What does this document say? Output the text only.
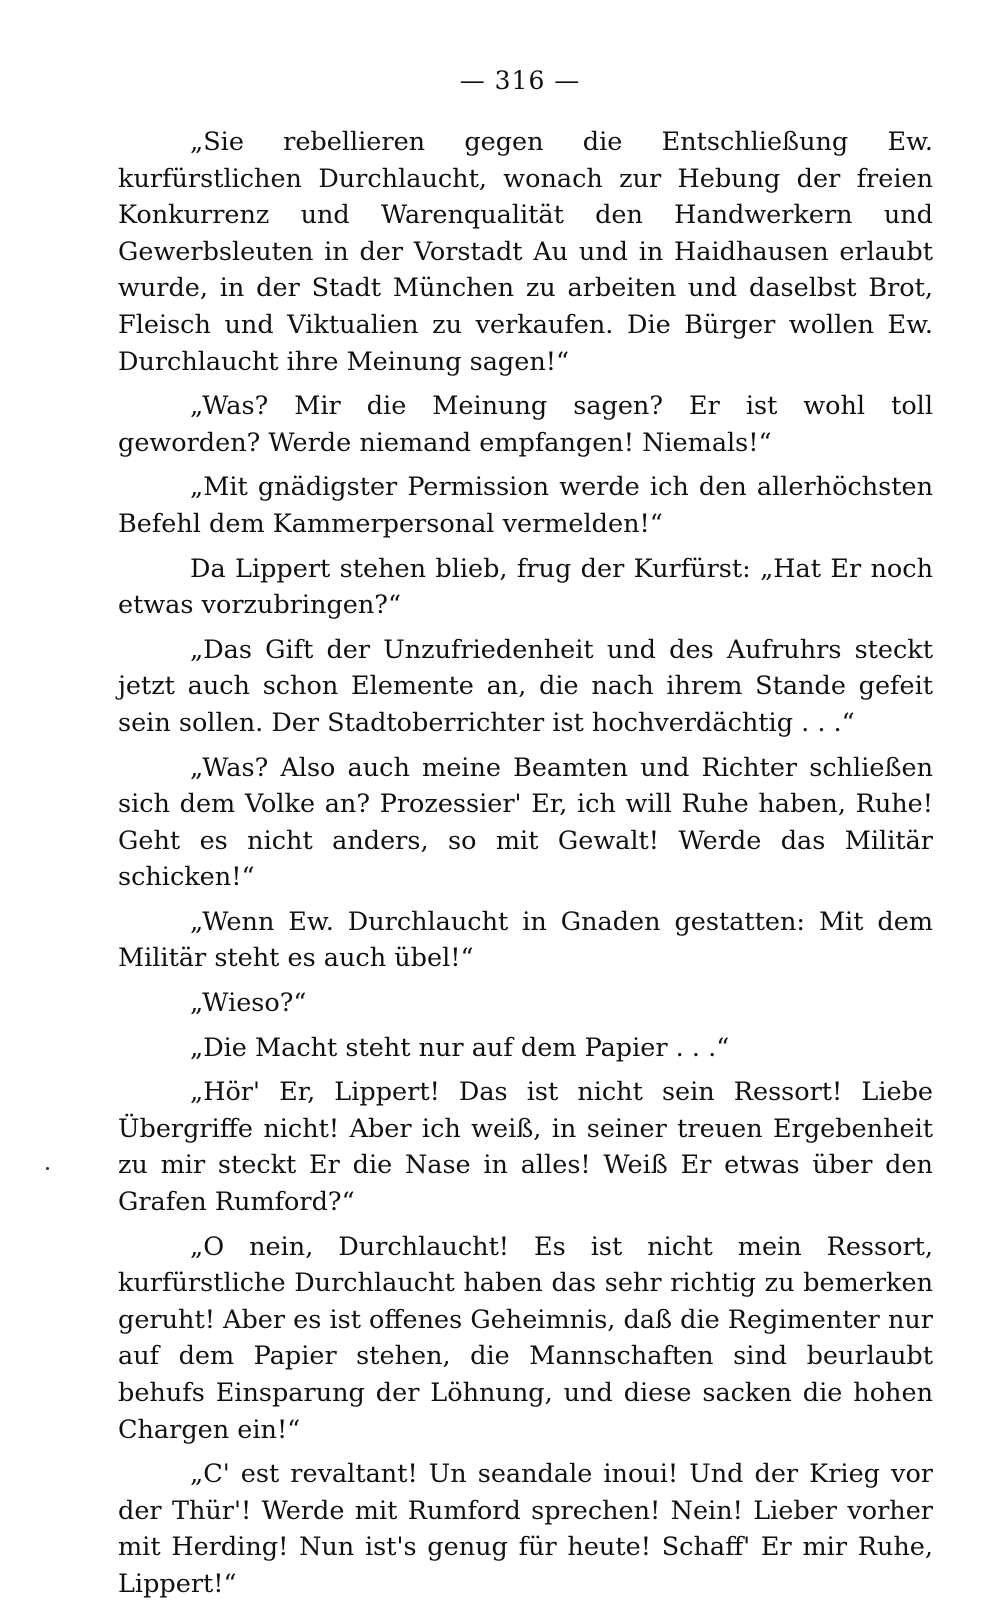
— 316 —

„Sie rebellieren gegen die Entschließung Ew. kurfürstlichen Durchlaucht, wonach zur Hebung der freien Konkurrenz und Warenqualität den Handwerkern und Gewerbsleuten in der Vorstadt Au und in Haidhausen erlaubt wurde, in der Stadt München zu arbeiten und daselbst Brot, Fleisch und Viktualien zu verkaufen. Die Bürger wollen Ew. Durchlaucht ihre Meinung sagen!“

„Was? Mir die Meinung sagen? Er ist wohl toll geworden? Werde niemand empfangen! Niemals!“

„Mit gnädigster Permission werde ich den allerhöchsten Befehl dem Kammerpersonal vermelden!“

Da Lippert stehen blieb, frug der Kurfürst: „Hat Er noch etwas vorzubringen?“

„Das Gift der Unzufriedenheit und des Aufruhrs steckt jetzt auch schon Elemente an, die nach ihrem Stande gefeit sein sollen. Der Stadtoberrichter ist hochverdächtig . . .“

„Was? Also auch meine Beamten und Richter schließen sich dem Volke an? Prozessier' Er, ich will Ruhe haben, Ruhe! Geht es nicht anders, so mit Gewalt! Werde das Militär schicken!“

„Wenn Ew. Durchlaucht in Gnaden gestatten: Mit dem Militär steht es auch übel!“

„Wieso?“

„Die Macht steht nur auf dem Papier . . .“

„Hör' Er, Lippert! Das ist nicht sein Ressort! Liebe Übergriffe nicht! Aber ich weiß, in seiner treuen Ergebenheit zu mir steckt Er die Nase in alles! Weiß Er etwas über den Grafen Rumford?“

„O nein, Durchlaucht! Es ist nicht mein Ressort, kurfürstliche Durchlaucht haben das sehr richtig zu bemerken geruht! Aber es ist offenes Geheimnis, daß die Regimenter nur auf dem Papier stehen, die Mannschaften sind beurlaubt behufs Einsparung der Löhnung, und diese sacken die hohen Chargen ein!“

„C' est revaltant! Un seandale inoui! Und der Krieg vor der Thür'! Werde mit Rumford sprechen! Nein! Lieber vorher mit Herding! Nun ist's genug für heute! Schaff' Er mir Ruhe, Lippert!“
